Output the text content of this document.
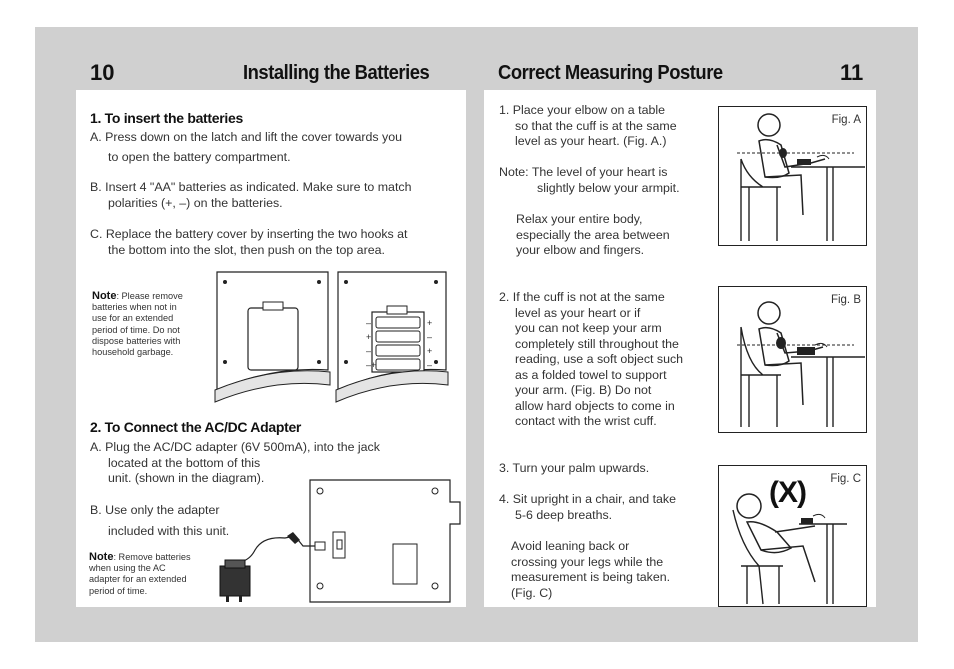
10	Installing the Batteries	Correct Measuring Posture	11
1. To insert the batteries
A. Press down on the latch and lift the cover towards you
to open the battery compartment.
B. Insert 4 "AA" batteries as indicated. Make sure to match
polarities (+, –) on the batteries.
C. Replace the battery cover by inserting the two hooks at
the bottom into the slot, then push on the top area.
Note: Please remove
batteries when not in
use for an extended
period of time. Do not
dispose batteries with
household garbage.
–
+
–
–+
+
–
+
–
2. To Connect the AC/DC Adapter
A. Plug the AC/DC adapter (6V 500mA), into the jack
located at the bottom of this
unit. (shown in the diagram).
B. Use only the adapter
included with this unit.
Note: Remove batteries
when using the AC
adapter for an extended
period of time.
1. Place your elbow on a table
so that the cuff is at the same
level as your heart. (Fig. A.)
Note: The level of your heart is
slightly below your armpit.
Relax your entire body,
especially the area between
your elbow and fingers.
2. If the cuff is not at the same
level as your heart or if
you can not keep your arm
completely still throughout the
reading, use a soft object such
as a folded towel to support
your arm. (Fig. B) Do not
allow hard objects to come in
contact with the wrist cuff.
3. Turn your palm upwards.
4. Sit upright in a chair, and take
5-6 deep breaths.
Avoid leaning back or
crossing your legs while the
measurement is being taken.
(Fig. C)
Fig. A
Fig. B
Fig. C
(X)
